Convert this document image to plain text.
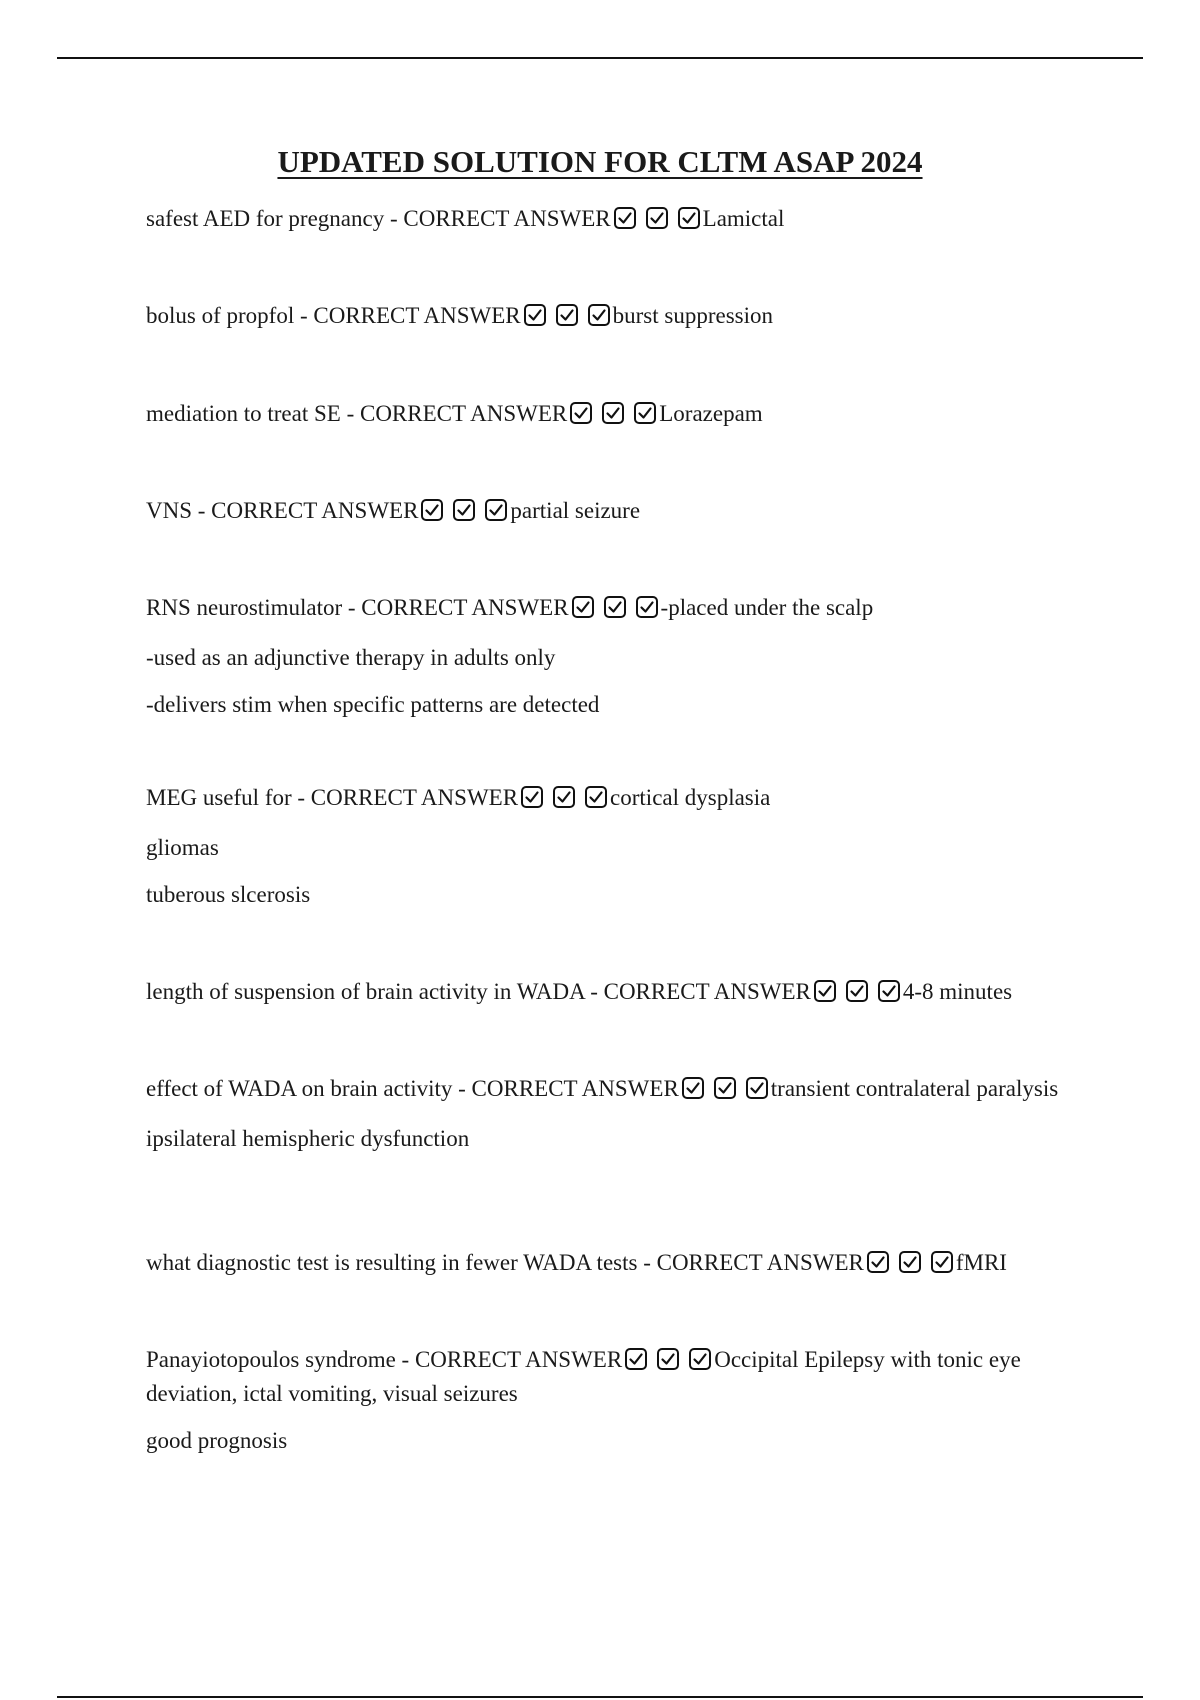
UPDATED SOLUTION FOR CLTM ASAP 2024

safest AED for pregnancy - CORRECT ANSWER	Lamictal

bolus of propfol - CORRECT ANSWER	burst suppression

mediation to treat SE - CORRECT ANSWER	Lorazepam

VNS - CORRECT ANSWER	partial seizure

RNS neurostimulator - CORRECT ANSWER	-placed under the scalp

-used as an adjunctive therapy in adults only

-delivers stim when specific patterns are detected

MEG useful for - CORRECT ANSWER	cortical dysplasia

gliomas

tuberous slcerosis

length of suspension of brain activity in WADA - CORRECT ANSWER	4-8 minutes

effect of WADA on brain activity - CORRECT ANSWER	transient contralateral paralysis

ipsilateral hemispheric dysfunction

what diagnostic test is resulting in fewer WADA tests - CORRECT ANSWER	fMRI

Panayiotopoulos syndrome - CORRECT ANSWER	Occipital Epilepsy with tonic eye deviation, ictal vomiting, visual seizures

good prognosis
